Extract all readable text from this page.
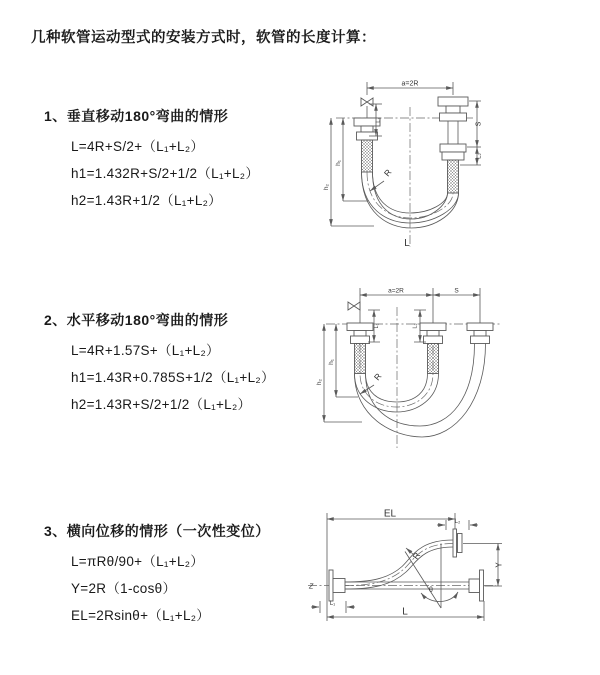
几种软管运动型式的安装方式时，软管的长度计算：
1、垂直移动180°弯曲的情形
L=4R+S/2+（L₁+L₂）
h1=1.432R+S/2+1/2（L₁+L₂）
h2=1.43R+1/2（L₁+L₂）
a=2R
L₁
S
L₂
h₁
h₂
R
L
2、水平移动180°弯曲的情形
L=4R+1.57S+（L₁+L₂）
h1=1.43R+0.785S+1/2（L₁+L₂）
h2=1.43R+S/2+1/2（L₁+L₂）
a=2R	S
L₁	L₂
h₁
h₂	R
3、横向位移的情形（一次性变位）
L=πRθ/90+（L₁+L₂）
Y=2R（1-cosθ）
EL=2Rsinθ+（L₁+L₂）
EL
L₂
Y
Z	θ
R
L₁
L
